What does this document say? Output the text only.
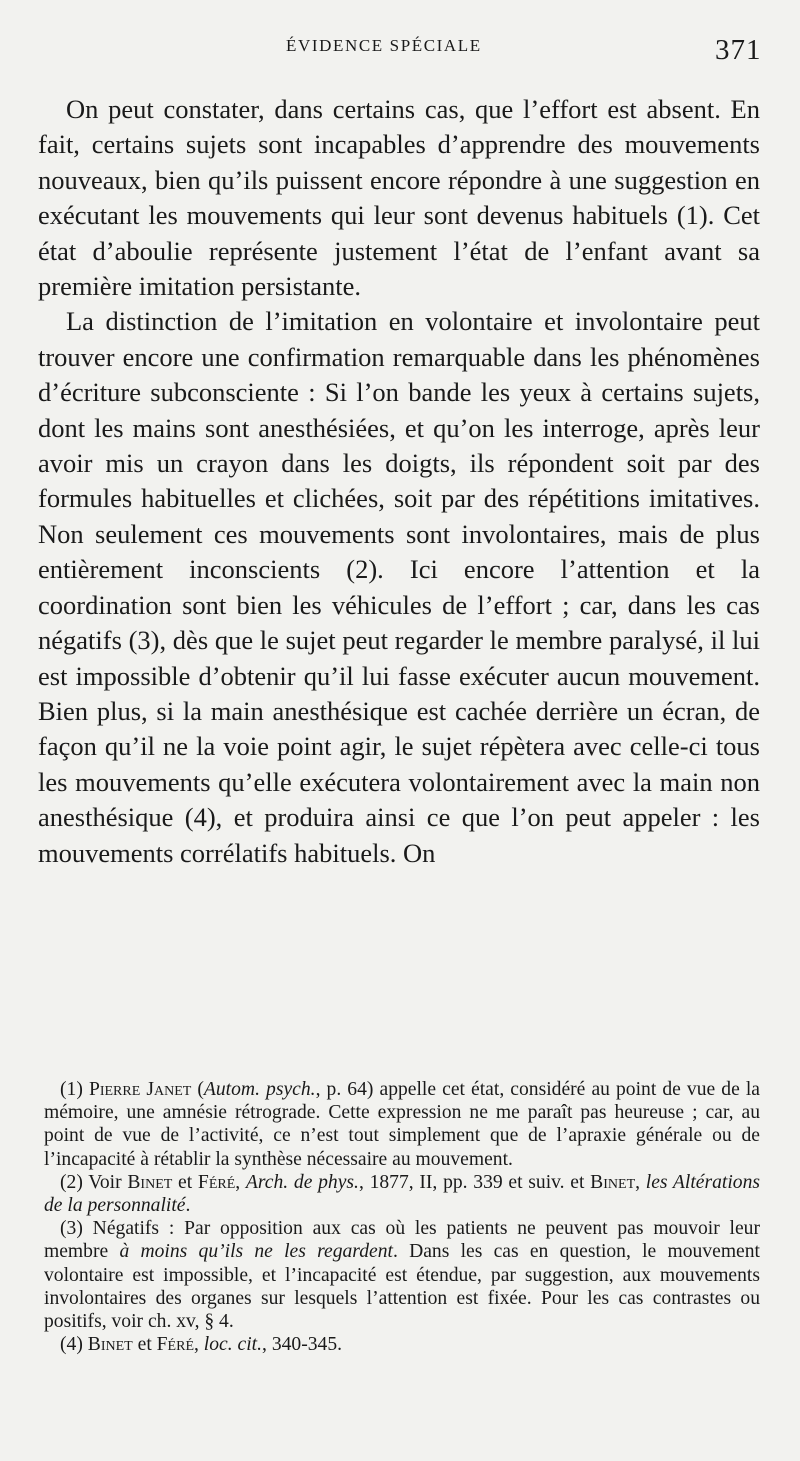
ÉVIDENCE SPÉCIALE	371

On peut constater, dans certains cas, que l’effort est absent. En fait, certains sujets sont incapables d’apprendre des mouvements nouveaux, bien qu’ils puissent encore répondre à une suggestion en exécutant les mouvements qui leur sont devenus habituels (1). Cet état d’aboulie représente justement l’état de l’enfant avant sa première imitation persistante.

La distinction de l’imitation en volontaire et involontaire peut trouver encore une confirmation remarquable dans les phénomènes d’écriture subconsciente : Si l’on bande les yeux à certains sujets, dont les mains sont anesthésiées, et qu’on les interroge, après leur avoir mis un crayon dans les doigts, ils répondent soit par des formules habituelles et clichées, soit par des répétitions imitatives. Non seulement ces mouvements sont involontaires, mais de plus entièrement inconscients (2). Ici encore l’attention et la coordination sont bien les véhicules de l’effort ; car, dans les cas négatifs (3), dès que le sujet peut regarder le membre paralysé, il lui est impossible d’obtenir qu’il lui fasse exécuter aucun mouvement. Bien plus, si la main anesthésique est cachée derrière un écran, de façon qu’il ne la voie point agir, le sujet répètera avec celle-ci tous les mouvements qu’elle exécutera volontairement avec la main non anesthésique (4), et produira ainsi ce que l’on peut appeler : les mouvements corrélatifs habituels. On

(1) Pierre Janet (Autom. psych., p. 64) appelle cet état, considéré au point de vue de la mémoire, une amnésie rétrograde. Cette expression ne me paraît pas heureuse ; car, au point de vue de l’activité, ce n’est tout simplement que de l’apraxie générale ou de l’incapacité à rétablir la synthèse nécessaire au mouvement.

(2) Voir Binet et Féré, Arch. de phys., 1877, II, pp. 339 et suiv. et Binet, les Altérations de la personnalité.

(3) Négatifs : Par opposition aux cas où les patients ne peuvent pas mouvoir leur membre à moins qu’ils ne les regardent. Dans les cas en question, le mouvement volontaire est impossible, et l’incapacité est étendue, par suggestion, aux mouvements involontaires des organes sur lesquels l’attention est fixée. Pour les cas contrastes ou positifs, voir ch. xv, § 4.

(4) Binet et Féré, loc. cit., 340-345.
